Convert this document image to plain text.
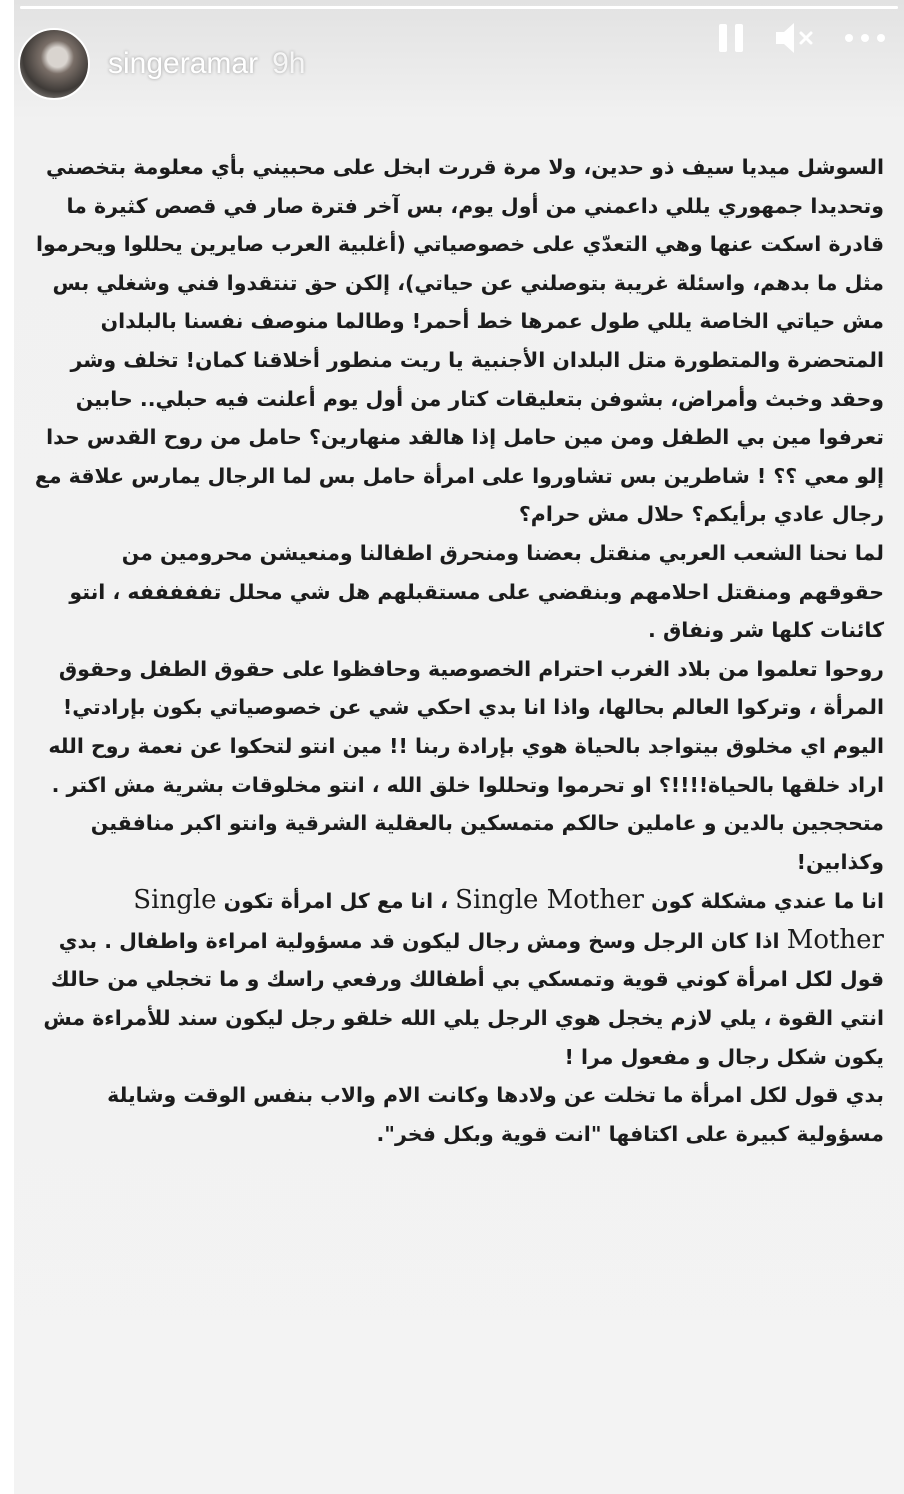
singeramar 9h

السوشل ميديا سيف ذو حدين، ولا مرة قررت ابخل على محبيني بأي معلومة بتخصني وتحديدا جمهوري يللي داعمني من أول يوم، بس آخر فترة صار في قصص كثيرة ما قادرة اسكت عنها وهي التعدّي على خصوصياتي (أغلبية العرب صايرين يحللوا ويحرموا مثل ما بدهم، واسئلة غريبة بتوصلني عن حياتي)، إلكن حق تنتقدوا فني وشغلي بس مش حياتي الخاصة يللي طول عمرها خط أحمر! وطالما منوصف نفسنا بالبلدان المتحضرة والمتطورة متل البلدان الأجنبية يا ريت منطور أخلاقنا كمان! تخلف وشر وحقد وخبث وأمراض، بشوفن بتعليقات كتار من أول يوم أعلنت فيه حبلي.. حابين تعرفوا مين بي الطفل ومن مين حامل إذا هالقد منهارين؟ حامل من روح القدس حدا إلو معي ؟؟ ! شاطرين بس تشاوروا على امرأة حامل بس لما الرجال يمارس علاقة مع رجال عادي برأيكم؟ حلال مش حرام؟

لما نحنا الشعب العربي منقتل بعضنا ومنحرق اطفالنا ومنعيشن محرومين من حقوقهم ومنقتل احلامهم وبنقضي على مستقبلهم هل شي محلل تفففففه ، انتو كائنات كلها شر ونفاق .

روحوا تعلموا من بلاد الغرب احترام الخصوصية وحافظوا على حقوق الطفل وحقوق المرأة ، وتركوا العالم بحالها، واذا انا بدي احكي شي عن خصوصياتي بكون بإرادتي!

اليوم اي مخلوق بيتواجد بالحياة هوي بإرادة ربنا !! مين انتو لتحكوا عن نعمة روح الله اراد خلقها بالحياة!!!!؟ او تحرموا وتحللوا خلق الله ، انتو مخلوقات بشرية مش اكتر . متحججين بالدين و عاملين حالكم متمسكين بالعقلية الشرقية وانتو اكبر منافقين وكذابين!

انا ما عندي مشكلة كون Single Mother ، انا مع كل امرأة تكون Single Mother اذا كان الرجل وسخ ومش رجال ليكون قد مسؤولية امراءة واطفال . بدي قول لكل امرأة كوني قوية وتمسكي بي أطفالك ورفعي راسك و ما تخجلي من حالك انتي القوة ، يلي لازم يخجل هوي الرجل يلي الله خلقو رجل ليكون سند للأمراءة مش يكون شكل رجال و مفعول مرا !

بدي قول لكل امرأة ما تخلت عن ولادها وكانت الام والاب بنفس الوقت وشايلة مسؤولية كبيرة على اكتافها "انت قوية وبكل فخر".
